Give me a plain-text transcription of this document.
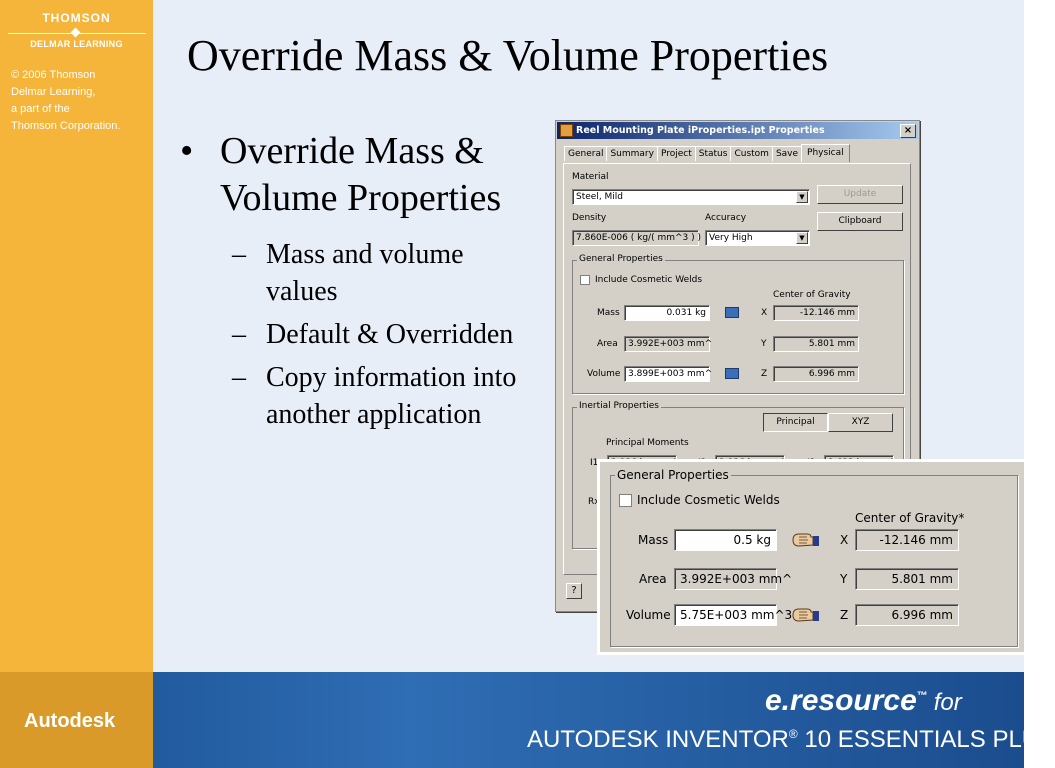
THOMSON
DELMAR LEARNING
© 2006 Thomson
Delmar Learning,
a part of the
Thomson Corporation.
Override Mass & Volume Properties
• Override Mass & Volume Properties
– Mass and volume values
– Default & Overridden
– Copy information into another application
Reel Mounting Plate iProperties.ipt Properties	×
General Summary Project Status Custom Save Physical
Material
Steel, Mild	▼	Update
Density	Accuracy
7.860E-006 ( kg/( mm^3 ) ) Very High	▼
Clipboard
General Properties
Include Cosmetic Welds
Center of Gravity
Mass	0.031 kg	X	-12.146 mm
Area	3.992E+003 mm^	Y	5.801 mm
Volume 3.899E+003 mm^	Z	6.996 mm
Inertial Properties
Principal	XYZ
Principal Moments
I1
Rx
?
General Properties
Include Cosmetic Welds
Center of Gravity*
Mass	0.5 kg	X	-12.146 mm
Area	3.992E+003 mm^	Y	5.801 mm
Volume 5.75E+003 mm^3	Z	6.996 mm
Autodesk
e.resource™ for
AUTODESK INVENTOR® 10 ESSENTIALS PLUS
